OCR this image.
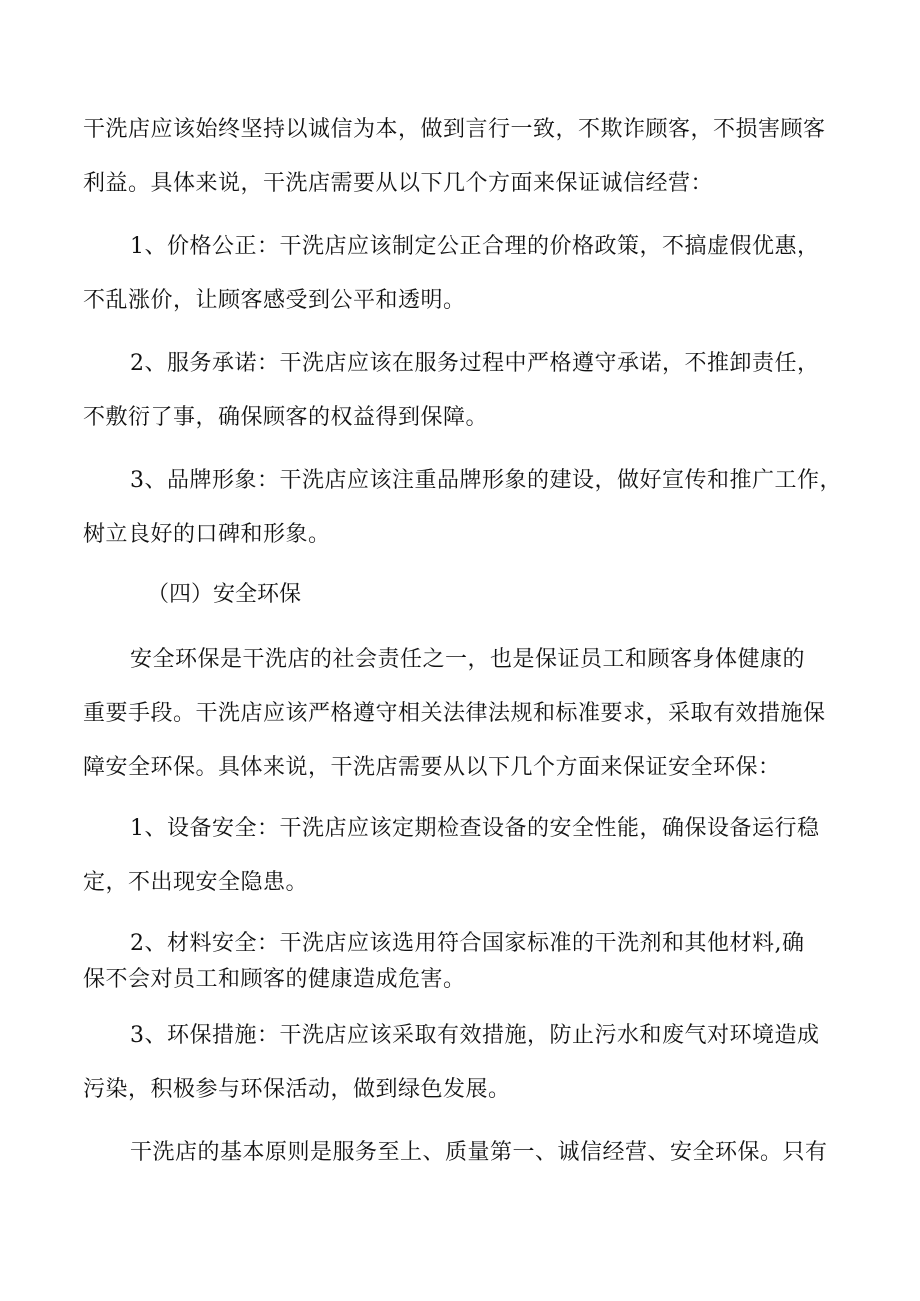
干洗店应该始终坚持以诚信为本，做到言行一致，不欺诈顾客，不损害顾客
利益。具体来说，干洗店需要从以下几个方面来保证诚信经营：
1、价格公正：干洗店应该制定公正合理的价格政策，不搞虚假优惠，
不乱涨价，让顾客感受到公平和透明。
2、服务承诺：干洗店应该在服务过程中严格遵守承诺，不推卸责任，
不敷衍了事，确保顾客的权益得到保障。
3、品牌形象：干洗店应该注重品牌形象的建设，做好宣传和推广工作，
树立良好的口碑和形象。
（四）安全环保
安全环保是干洗店的社会责任之一，也是保证员工和顾客身体健康的
重要手段。干洗店应该严格遵守相关法律法规和标准要求，采取有效措施保
障安全环保。具体来说，干洗店需要从以下几个方面来保证安全环保：
1、设备安全：干洗店应该定期检查设备的安全性能，确保设备运行稳
定，不出现安全隐患。
2、材料安全：干洗店应该选用符合国家标准的干洗剂和其他材料,确
保不会对员工和顾客的健康造成危害。
3、环保措施：干洗店应该采取有效措施，防止污水和废气对环境造成
污染，积极参与环保活动，做到绿色发展。
干洗店的基本原则是服务至上、质量第一、诚信经营、安全环保。只有
